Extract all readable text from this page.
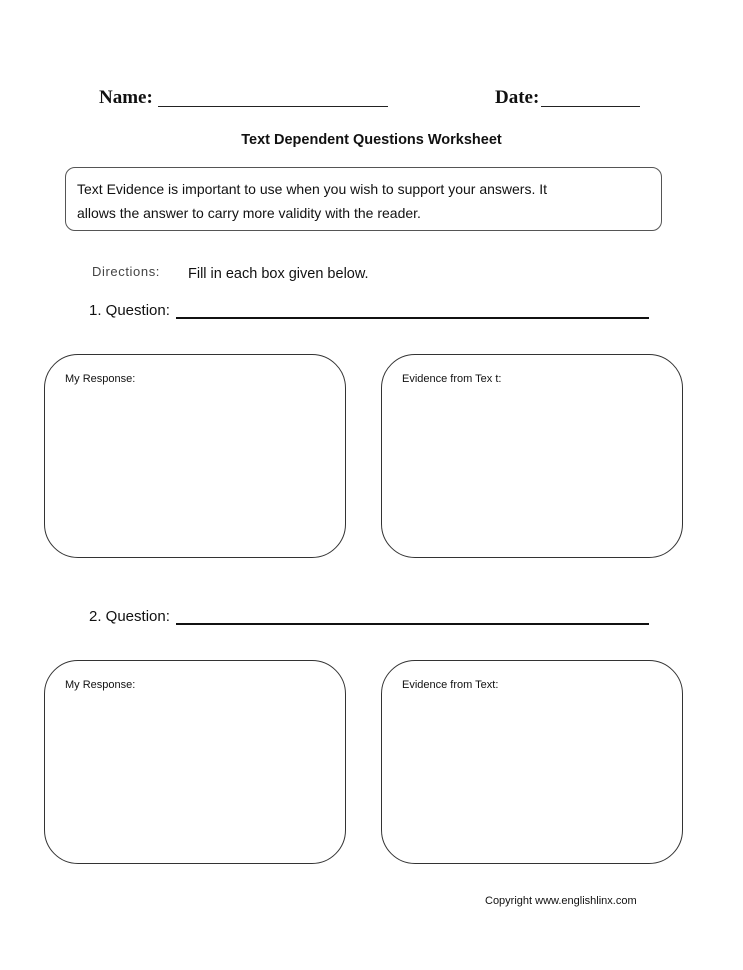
Name:	Date:
Text Dependent Questions Worksheet
Text Evidence is important to use when you wish to support your answers. It
allows the answer to carry more validity with the reader.
Directions: Fill in each box given below.
1. Question:
My Response:	Evidence from Tex t:
2. Question:
My Response:	Evidence from Text:
Copyright www.englishlinx.com
